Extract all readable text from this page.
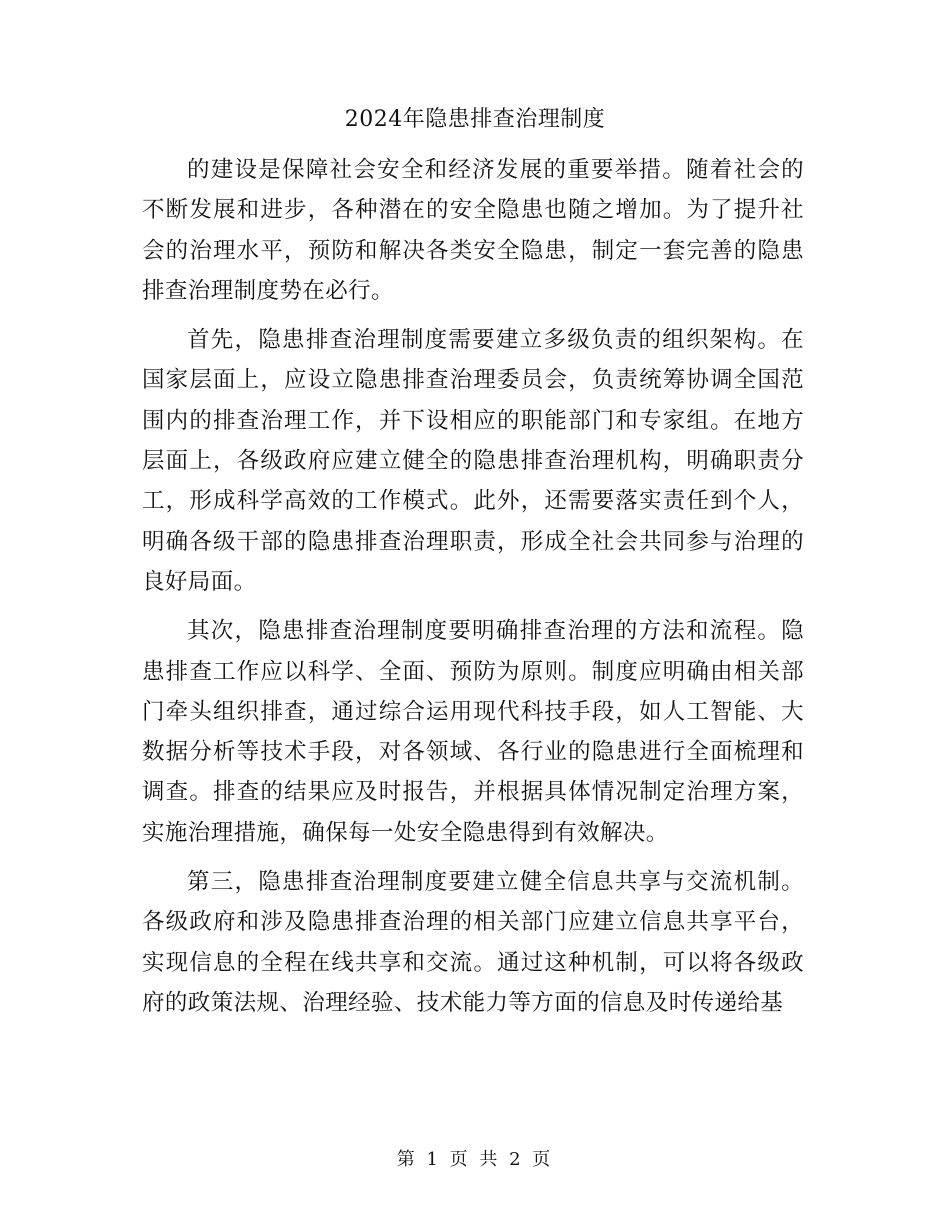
2024年隐患排查治理制度

的建设是保障社会安全和经济发展的重要举措。随着社会的不断发展和进步，各种潜在的安全隐患也随之增加。为了提升社会的治理水平，预防和解决各类安全隐患，制定一套完善的隐患排查治理制度势在必行。

首先，隐患排查治理制度需要建立多级负责的组织架构。在国家层面上，应设立隐患排查治理委员会，负责统筹协调全国范围内的排查治理工作，并下设相应的职能部门和专家组。在地方层面上，各级政府应建立健全的隐患排查治理机构，明确职责分工，形成科学高效的工作模式。此外，还需要落实责任到个人，明确各级干部的隐患排查治理职责，形成全社会共同参与治理的良好局面。

其次，隐患排查治理制度要明确排查治理的方法和流程。隐患排查工作应以科学、全面、预防为原则。制度应明确由相关部门牵头组织排查，通过综合运用现代科技手段，如人工智能、大数据分析等技术手段，对各领域、各行业的隐患进行全面梳理和调查。排查的结果应及时报告，并根据具体情况制定治理方案，实施治理措施，确保每一处安全隐患得到有效解决。

第三，隐患排查治理制度要建立健全信息共享与交流机制。各级政府和涉及隐患排查治理的相关部门应建立信息共享平台，实现信息的全程在线共享和交流。通过这种机制，可以将各级政府的政策法规、治理经验、技术能力等方面的信息及时传递给基

第 1 页 共 2 页
